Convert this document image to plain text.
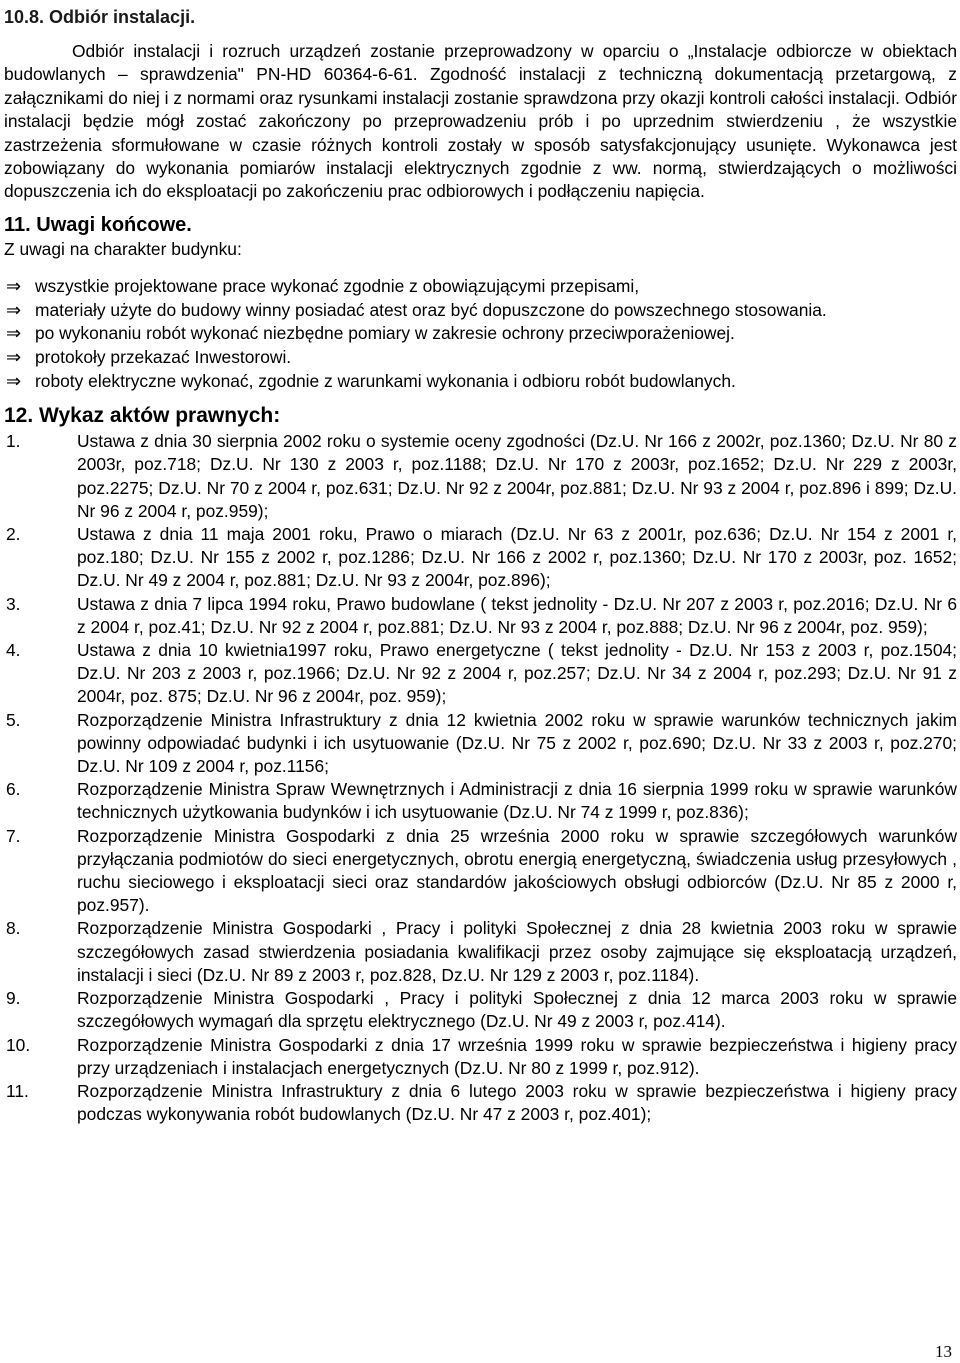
10.8. Odbiór instalacji.

Odbiór instalacji i rozruch urządzeń zostanie przeprowadzony w oparciu o „Instalacje odbiorcze w obiektach budowlanych – sprawdzenia" PN-HD 60364-6-61. Zgodność instalacji z techniczną dokumentacją przetargową, z załącznikami do niej i z normami oraz rysunkami instalacji zostanie sprawdzona przy okazji kontroli całości instalacji. Odbiór instalacji będzie mógł zostać zakończony po przeprowadzeniu prób i po uprzednim stwierdzeniu , że wszystkie zastrzeżenia sformułowane w czasie różnych kontroli zostały w sposób satysfakcjonujący usunięte. Wykonawca jest zobowiązany do wykonania pomiarów instalacji elektrycznych zgodnie z ww. normą, stwierdzających o możliwości dopuszczenia ich do eksploatacji po zakończeniu prac odbiorowych i podłączeniu napięcia.

11. Uwagi końcowe.

Z uwagi na charakter budynku:

⇒ wszystkie projektowane prace wykonać zgodnie z obowiązującymi przepisami,
⇒ materiały użyte do budowy winny posiadać atest oraz być dopuszczone do powszechnego stosowania.
⇒ po wykonaniu robót wykonać niezbędne pomiary w zakresie ochrony przeciwporażeniowej.
⇒ protokoły przekazać Inwestorowi.
⇒ roboty elektryczne wykonać, zgodnie z warunkami wykonania i odbioru robót budowlanych.
12. Wykaz aktów prawnych:
1.	Ustawa z dnia 30 sierpnia 2002 roku o systemie oceny zgodności (Dz.U. Nr 166 z 2002r, poz.1360; Dz.U. Nr 80 z 2003r, poz.718; Dz.U. Nr 130 z 2003 r, poz.1188; Dz.U. Nr 170 z 2003r, poz.1652; Dz.U. Nr 229 z 2003r, poz.2275; Dz.U. Nr 70 z 2004 r, poz.631; Dz.U. Nr 92 z 2004r, poz.881; Dz.U. Nr 93 z 2004 r, poz.896 i 899; Dz.U. Nr 96 z 2004 r, poz.959);
2.	Ustawa z dnia 11 maja 2001 roku, Prawo o miarach (Dz.U. Nr 63 z 2001r, poz.636; Dz.U. Nr 154 z 2001 r, poz.180; Dz.U. Nr 155 z 2002 r, poz.1286; Dz.U. Nr 166 z 2002 r, poz.1360; Dz.U. Nr 170 z 2003r, poz. 1652; Dz.U. Nr 49 z 2004 r, poz.881; Dz.U. Nr 93 z 2004r, poz.896);
3.	Ustawa z dnia 7 lipca 1994 roku, Prawo budowlane ( tekst jednolity - Dz.U. Nr 207 z 2003 r, poz.2016; Dz.U. Nr 6 z 2004 r, poz.41; Dz.U. Nr 92 z 2004 r, poz.881; Dz.U. Nr 93 z 2004 r, poz.888; Dz.U. Nr 96 z 2004r, poz. 959);
4.	Ustawa z dnia 10 kwietnia1997 roku, Prawo energetyczne ( tekst jednolity - Dz.U. Nr 153 z 2003 r, poz.1504; Dz.U. Nr 203 z 2003 r, poz.1966; Dz.U. Nr 92 z 2004 r, poz.257; Dz.U. Nr 34 z 2004 r, poz.293; Dz.U. Nr 91 z 2004r, poz. 875; Dz.U. Nr 96 z 2004r, poz. 959);
5.	Rozporządzenie Ministra Infrastruktury z dnia 12 kwietnia 2002 roku w sprawie warunków technicznych jakim powinny odpowiadać budynki i ich usytuowanie (Dz.U. Nr 75 z 2002 r, poz.690; Dz.U. Nr 33 z 2003 r, poz.270; Dz.U. Nr 109 z 2004 r, poz.1156;
6.	Rozporządzenie Ministra Spraw Wewnętrznych i Administracji z dnia 16 sierpnia 1999 roku w sprawie warunków technicznych użytkowania budynków i ich usytuowanie (Dz.U. Nr 74 z 1999 r, poz.836);
7.	Rozporządzenie Ministra Gospodarki z dnia 25 września 2000 roku w sprawie szczegółowych warunków przyłączania podmiotów do sieci energetycznych, obrotu energią energetyczną, świadczenia usług przesyłowych , ruchu sieciowego i eksploatacji sieci oraz standardów jakościowych obsługi odbiorców (Dz.U. Nr 85 z 2000 r, poz.957).
8.	Rozporządzenie Ministra Gospodarki , Pracy i polityki Społecznej z dnia 28 kwietnia 2003 roku w sprawie szczegółowych zasad stwierdzenia posiadania kwalifikacji przez osoby zajmujące się eksploatacją urządzeń, instalacji i sieci (Dz.U. Nr 89 z 2003 r, poz.828, Dz.U. Nr 129 z 2003 r, poz.1184).
9.	Rozporządzenie Ministra Gospodarki , Pracy i polityki Społecznej z dnia 12 marca 2003 roku w sprawie szczegółowych wymagań dla sprzętu elektrycznego (Dz.U. Nr 49 z 2003 r, poz.414).
10.	Rozporządzenie Ministra Gospodarki z dnia 17 września 1999 roku w sprawie bezpieczeństwa i higieny pracy przy urządzeniach i instalacjach energetycznych (Dz.U. Nr 80 z 1999 r, poz.912).
11.	Rozporządzenie Ministra Infrastruktury z dnia 6 lutego 2003 roku w sprawie bezpieczeństwa i higieny pracy podczas wykonywania robót budowlanych (Dz.U. Nr 47 z 2003 r, poz.401);
13
